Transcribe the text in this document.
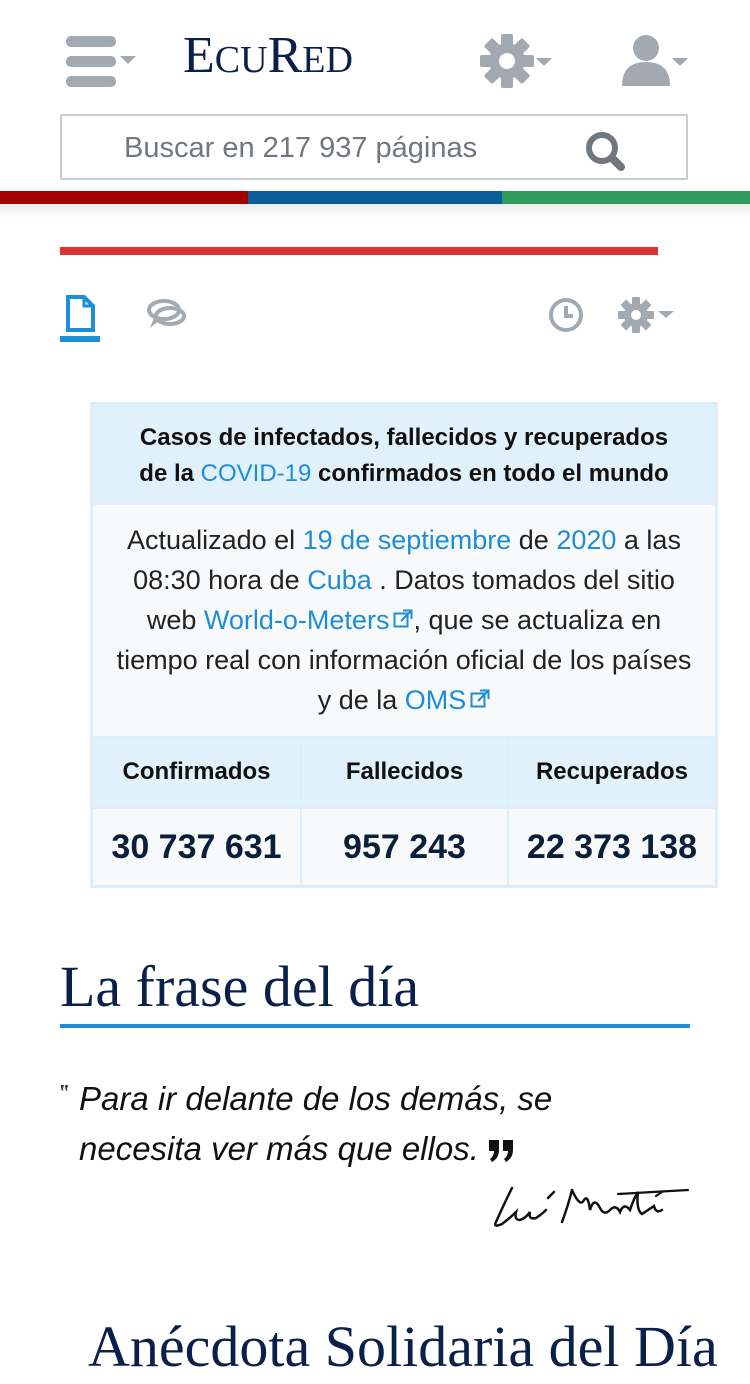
ECURED
Buscar en 217 937 páginas
Casos de infectados, fallecidos y recuperados
de la COVID-19 confirmados en todo el mundo
Actualizado el 19 de septiembre de 2020 a las 08:30 hora de Cuba . Datos tomados del sitio web World-o-Meters , que se actualiza en tiempo real con información oficial de los países y de la OMS
Confirmados	Fallecidos	Recuperados
30 737 631	957 243	22 373 138
La frase del día
‟ Para ir delante de los demás, se necesita ver más que ellos.
Anécdota Solidaria del Día
